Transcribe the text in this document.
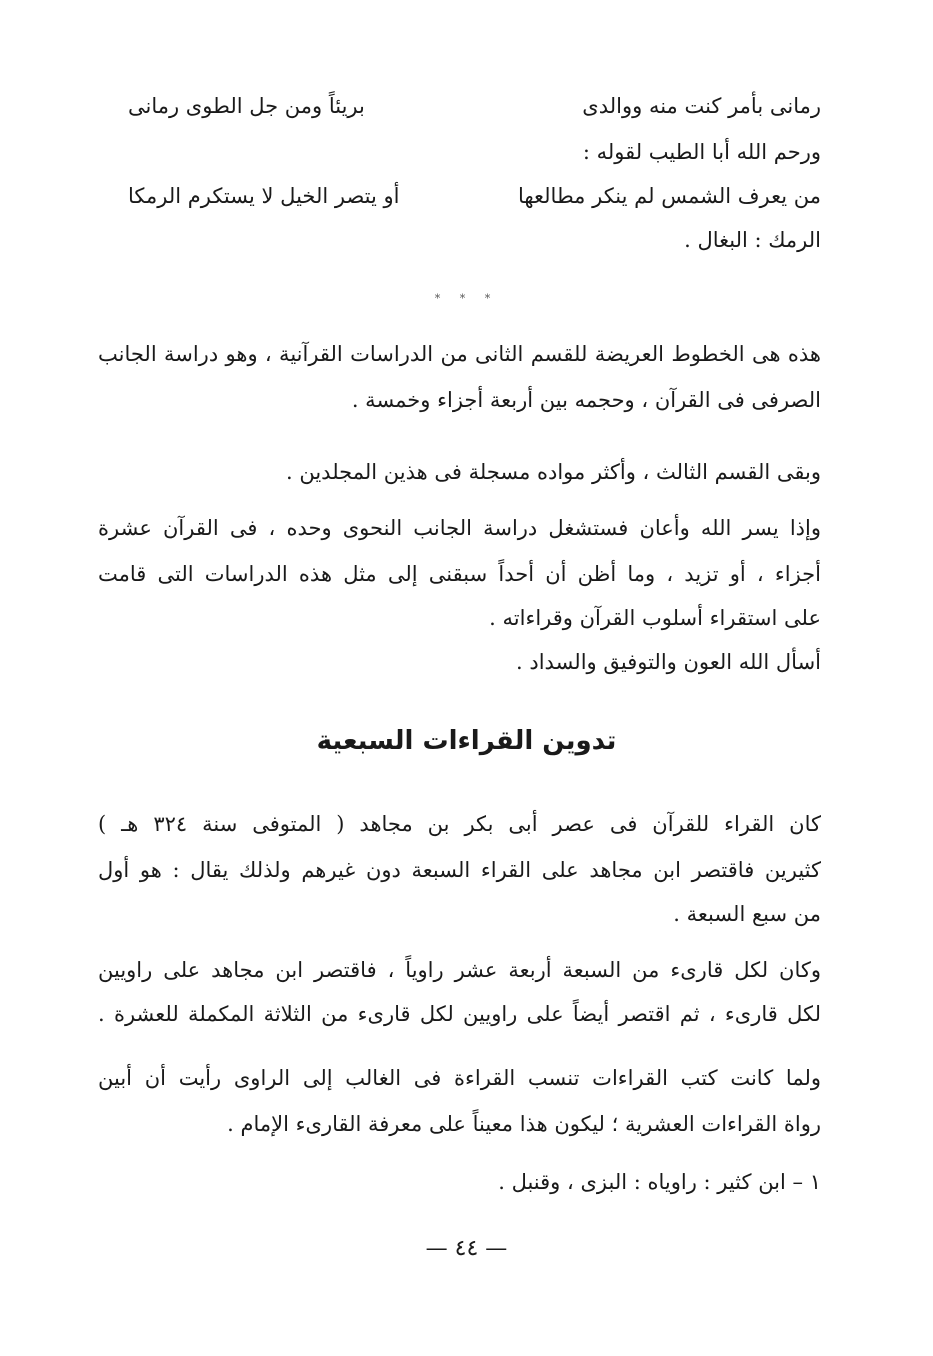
رمانى بأمر كنت منه ووالدى
بريئاً ومن جل الطوى رمانى
ورحم الله أبا الطيب لقوله :
من يعرف الشمس لم ينكر مطالعها
أو يتصر الخيل لا يستكرم الرمكا
الرمك : البغال .
* * *
هذه هى الخطوط العريضة للقسم الثانى من الدراسات القرآنية ، وهو دراسة الجانب
الصرفى فى القرآن ، وحجمه بين أربعة أجزاء وخمسة .
وبقى القسم الثالث ، وأكثر مواده مسجلة فى هذين المجلدين .
وإذا يسر الله وأعان فستشغل دراسة الجانب النحوى وحده ، فى القرآن عشرة
أجزاء ، أو تزيد ، وما أظن أن أحداً سبقنى إلى مثل هذه الدراسات التى قامت
على استقراء أسلوب القرآن وقراءاته .
أسأل الله العون والتوفيق والسداد .
تدوين القراءات السبعية
كان القراء للقرآن فى عصر أبى بكر بن مجاهد ( المتوفى سنة ٣٢٤ هـ )
كثيرين فاقتصر ابن مجاهد على القراء السبعة دون غيرهم ولذلك يقال : هو أول
من سبع السبعة .
وكان لكل قارىء من السبعة أربعة عشر راوياً ، فاقتصر ابن مجاهد على راويين
لكل قارىء ، ثم اقتصر أيضاً على راويين لكل قارىء من الثلاثة المكملة للعشرة .
ولما كانت كتب القراءات تنسب القراءة فى الغالب إلى الراوى رأيت أن أبين
رواة القراءات العشرية ؛ ليكون هذا معيناً على معرفة القارىء الإمام .
١ – ابن كثير : راوياه : البزى ، وقنبل .
— ٤٤ —
